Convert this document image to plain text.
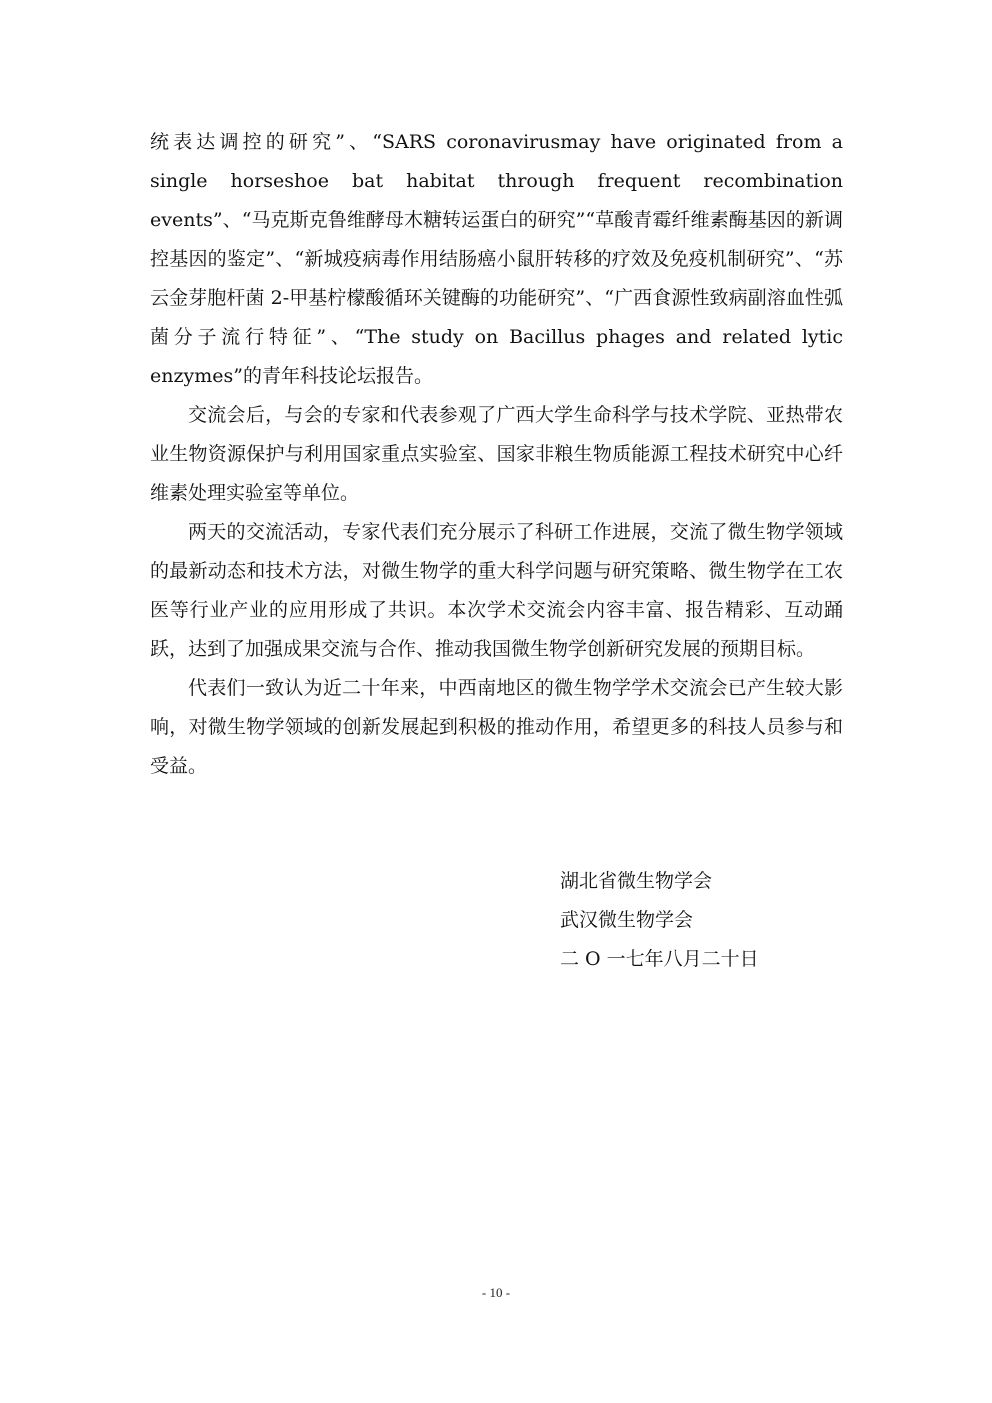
统表达调控的研究”、“SARS coronavirusmay have originated from a single horseshoe bat habitat through frequent recombination events”、“马克斯克鲁维酵母木糖转运蛋白的研究”“草酸青霉纤维素酶基因的新调控基因的鉴定”、“新城疫病毒作用结肠癌小鼠肝转移的疗效及免疫机制研究”、“苏云金芽胞杆菌 2-甲基柠檬酸循环关键酶的功能研究”、“广西食源性致病副溶血性弧菌分子流行特征”、“The study on Bacillus phages and related lytic enzymes”的青年科技论坛报告。

交流会后，与会的专家和代表参观了广西大学生命科学与技术学院、亚热带农业生物资源保护与利用国家重点实验室、国家非粮生物质能源工程技术研究中心纤维素处理实验室等单位。

两天的交流活动，专家代表们充分展示了科研工作进展，交流了微生物学领域的最新动态和技术方法，对微生物学的重大科学问题与研究策略、微生物学在工农医等行业产业的应用形成了共识。本次学术交流会内容丰富、报告精彩、互动踊跃，达到了加强成果交流与合作、推动我国微生物学创新研究发展的预期目标。

代表们一致认为近二十年来，中西南地区的微生物学学术交流会已产生较大影响，对微生物学领域的创新发展起到积极的推动作用，希望更多的科技人员参与和受益。

湖北省微生物学会
武汉微生物学会
二 O 一七年八月二十日
- 10 -
